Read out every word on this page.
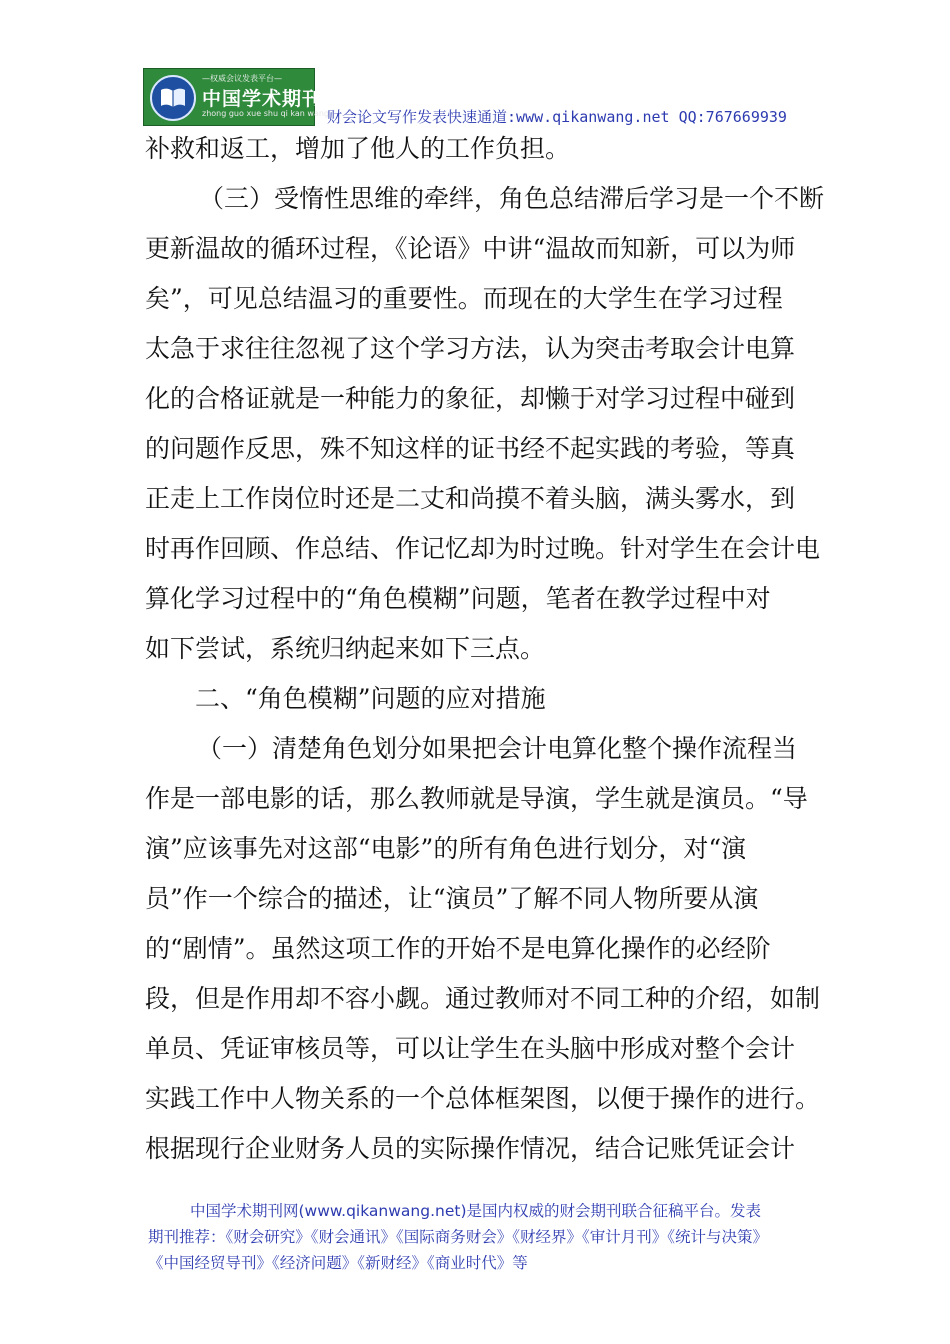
—权威会议发表平台—
中国学术期刊网
zhong guo xue shu qi kan wang
财会论文写作发表快速通道:www.qikanwang.net QQ:767669939

补救和返工，增加了他人的工作负担。

（三）受惰性思维的牵绊，角色总结滞后学习是一个不断

更新温故的循环过程，《论语》中讲“温故而知新，可以为师

矣”，可见总结温习的重要性。而现在的大学生在学习过程

太急于求往往忽视了这个学习方法，认为突击考取会计电算

化的合格证就是一种能力的象征，却懒于对学习过程中碰到

的问题作反思，殊不知这样的证书经不起实践的考验，等真

正走上工作岗位时还是二丈和尚摸不着头脑，满头雾水，到

时再作回顾、作总结、作记忆却为时过晚。针对学生在会计电

算化学习过程中的“角色模糊”问题，笔者在教学过程中对

如下尝试，系统归纳起来如下三点。

二、“角色模糊”问题的应对措施

（一）清楚角色划分如果把会计电算化整个操作流程当

作是一部电影的话，那么教师就是导演，学生就是演员。“导

演”应该事先对这部“电影”的所有角色进行划分，对“演

员”作一个综合的描述，让“演员”了解不同人物所要从演

的“剧情”。虽然这项工作的开始不是电算化操作的必经阶

段，但是作用却不容小觑。通过教师对不同工种的介绍，如制

单员、凭证审核员等，可以让学生在头脑中形成对整个会计

实践工作中人物关系的一个总体框架图，以便于操作的进行。

根据现行企业财务人员的实际操作情况，结合记账凭证会计

中国学术期刊网(www.qikanwang.net)是国内权威的财会期刊联合征稿平台。发表
期刊推荐：《财会研究》《财会通讯》《国际商务财会》《财经界》《审计月刊》《统计与决策》
《中国经贸导刊》《经济问题》《新财经》《商业时代》等
